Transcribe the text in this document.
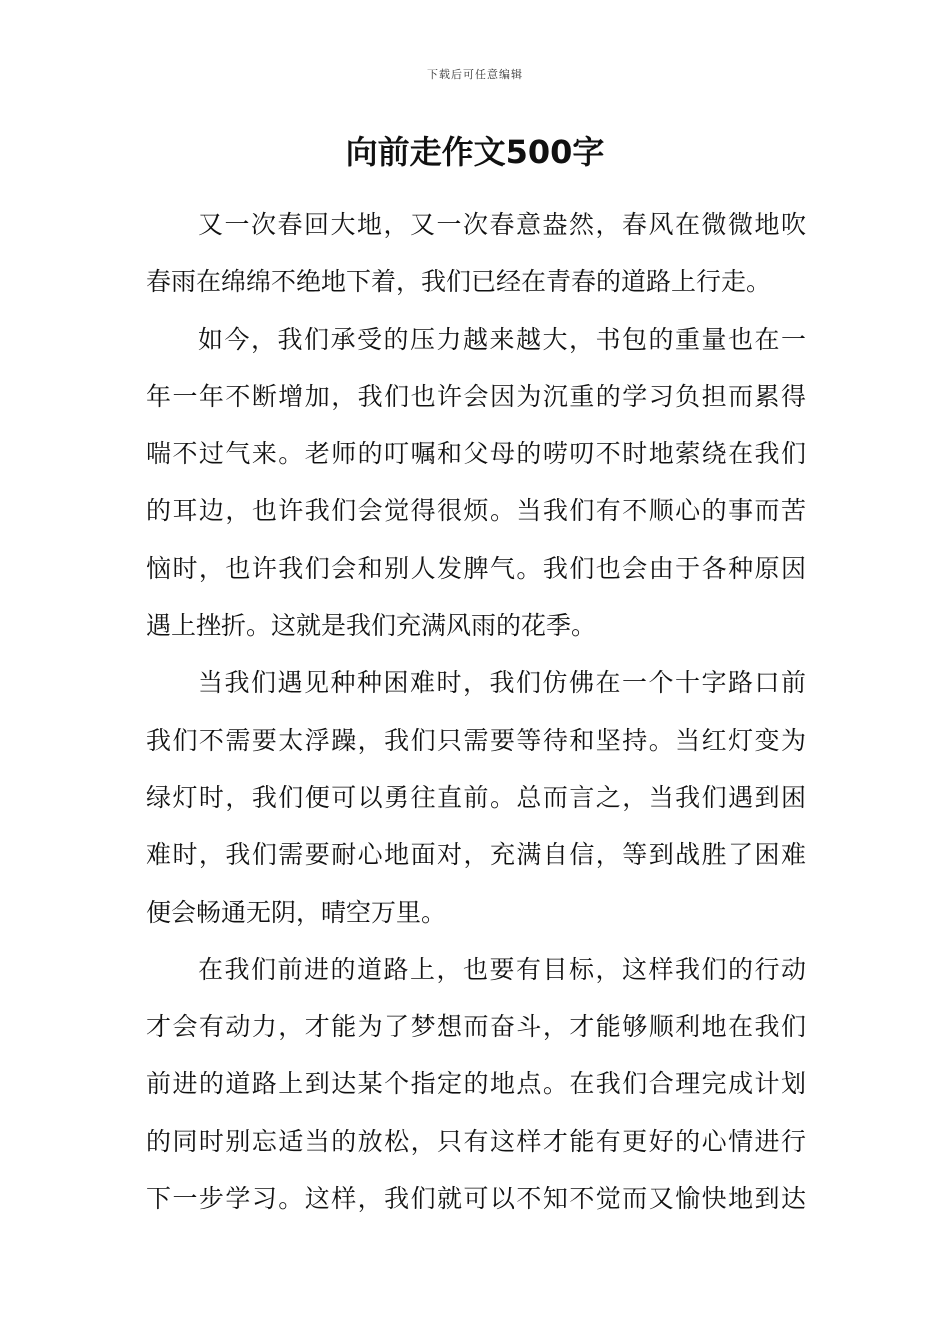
下载后可任意编辑
向前走作文500字
又一次春回大地，又一次春意盎然，春风在微微地吹
春雨在绵绵不绝地下着，我们已经在青春的道路上行走。
如今，我们承受的压力越来越大，书包的重量也在一
年一年不断增加，我们也许会因为沉重的学习负担而累得
喘不过气来。老师的叮嘱和父母的唠叨不时地萦绕在我们
的耳边，也许我们会觉得很烦。当我们有不顺心的事而苦
恼时，也许我们会和别人发脾气。我们也会由于各种原因
遇上挫折。这就是我们充满风雨的花季。
当我们遇见种种困难时，我们仿佛在一个十字路口前
我们不需要太浮躁，我们只需要等待和坚持。当红灯变为
绿灯时，我们便可以勇往直前。总而言之，当我们遇到困
难时，我们需要耐心地面对，充满自信，等到战胜了困难
便会畅通无阴，晴空万里。
在我们前进的道路上，也要有目标，这样我们的行动
才会有动力，才能为了梦想而奋斗，才能够顺利地在我们
前进的道路上到达某个指定的地点。在我们合理完成计划
的同时别忘适当的放松，只有这样才能有更好的心情进行
下一步学习。这样，我们就可以不知不觉而又愉快地到达
